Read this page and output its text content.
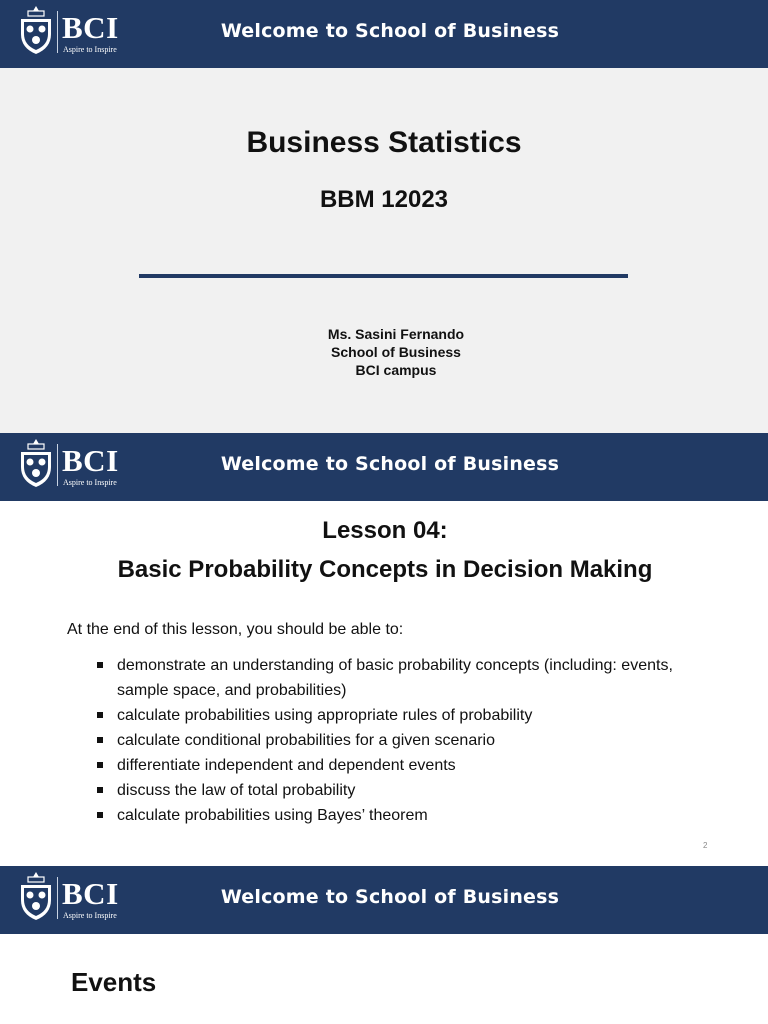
BCI
Aspire to Inspire
Welcome to School of Business
Business Statistics
BBM 12023
Ms. Sasini Fernando
School of Business
BCI campus
BCI
Aspire to Inspire
Welcome to School of Business
Lesson 04:
Basic Probability Concepts in Decision Making
At the end of this lesson, you should be able to:
demonstrate an understanding of basic probability concepts (including: events, sample space, and probabilities)
calculate probabilities using appropriate rules of probability
calculate conditional probabilities for a given scenario
differentiate independent and dependent events
discuss the law of total probability
calculate probabilities using Bayes’ theorem
2
BCI
Aspire to Inspire
Welcome to School of Business
Events
